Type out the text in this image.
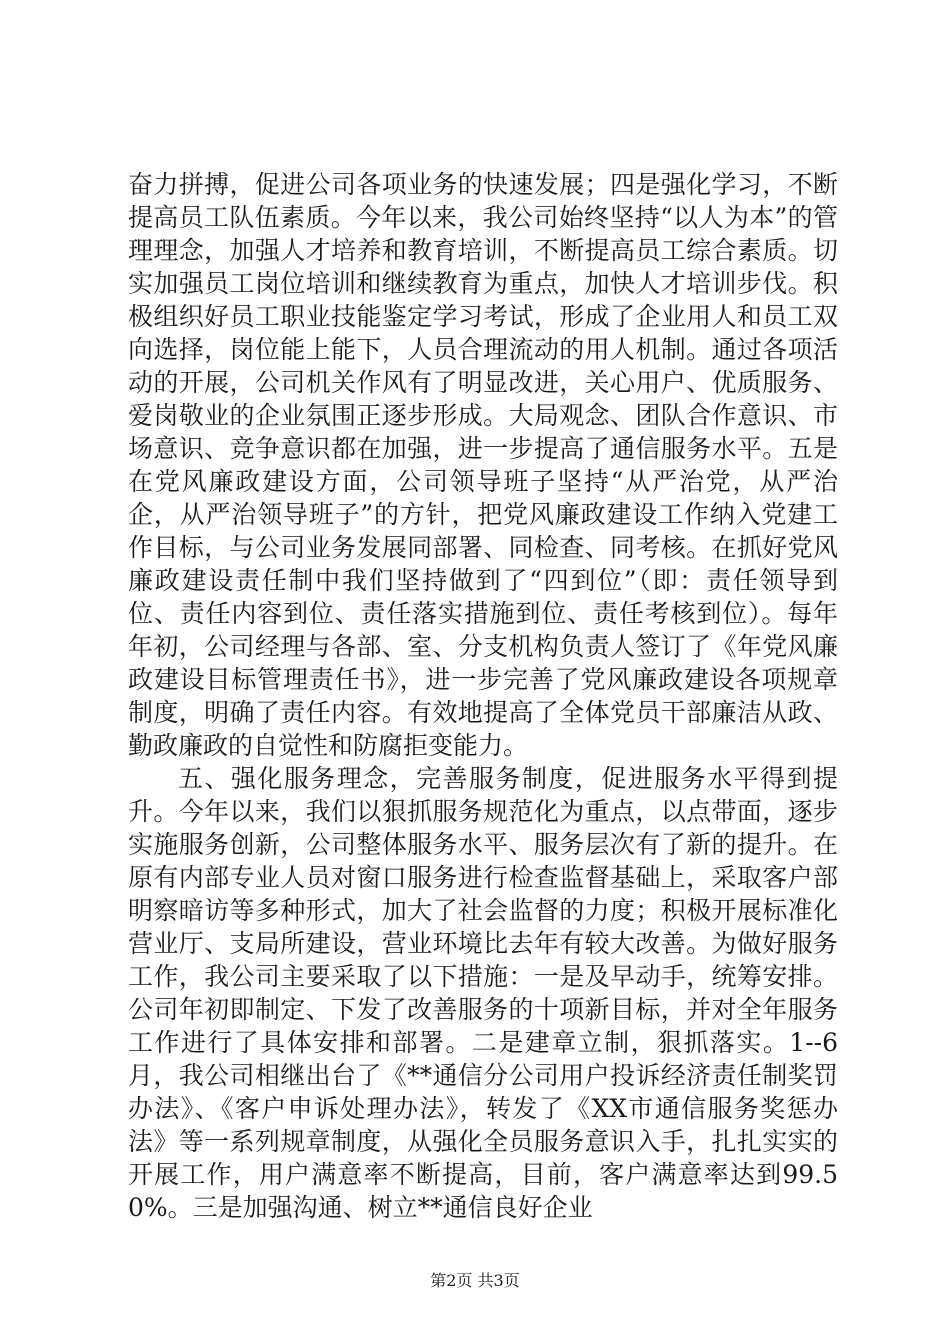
奋力拼搏，促进公司各项业务的快速发展；四是强化学习，不断提高员工队伍素质。今年以来，我公司始终坚持“以人为本”的管理理念，加强人才培养和教育培训，不断提高员工综合素质。切实加强员工岗位培训和继续教育为重点，加快人才培训步伐。积极组织好员工职业技能鉴定学习考试，形成了企业用人和员工双向选择，岗位能上能下，人员合理流动的用人机制。通过各项活动的开展，公司机关作风有了明显改进，关心用户、优质服务、爱岗敬业的企业氛围正逐步形成。大局观念、团队合作意识、市场意识、竞争意识都在加强，进一步提高了通信服务水平。五是在党风廉政建设方面，公司领导班子坚持“从严治党，从严治企，从严治领导班子”的方针，把党风廉政建设工作纳入党建工作目标，与公司业务发展同部署、同检查、同考核。在抓好党风廉政建设责任制中我们坚持做到了“四到位”（即：责任领导到位、责任内容到位、责任落实措施到位、责任考核到位）。每年年初，公司经理与各部、室、分支机构负责人签订了《年党风廉政建设目标管理责任书》，进一步完善了党风廉政建设各项规章制度，明确了责任内容。有效地提高了全体党员干部廉洁从政、勤政廉政的自觉性和防腐拒变能力。

五、强化服务理念，完善服务制度，促进服务水平得到提升。今年以来，我们以狠抓服务规范化为重点，以点带面，逐步实施服务创新，公司整体服务水平、服务层次有了新的提升。在原有内部专业人员对窗口服务进行检查监督基础上，采取客户部明察暗访等多种形式，加大了社会监督的力度；积极开展标准化营业厅、支局所建设，营业环境比去年有较大改善。为做好服务工作，我公司主要采取了以下措施：一是及早动手，统筹安排。公司年初即制定、下发了改善服务的十项新目标，并对全年服务工作进行了具体安排和部署。二是建章立制，狠抓落实。1--6月，我公司相继出台了《**通信分公司用户投诉经济责任制奖罚办法》、《客户申诉处理办法》，转发了《XX市通信服务奖惩办法》等一系列规章制度，从强化全员服务意识入手，扎扎实实的开展工作，用户满意率不断提高，目前，客户满意率达到99.50%。三是加强沟通、树立**通信良好企业

第2页 共3页
